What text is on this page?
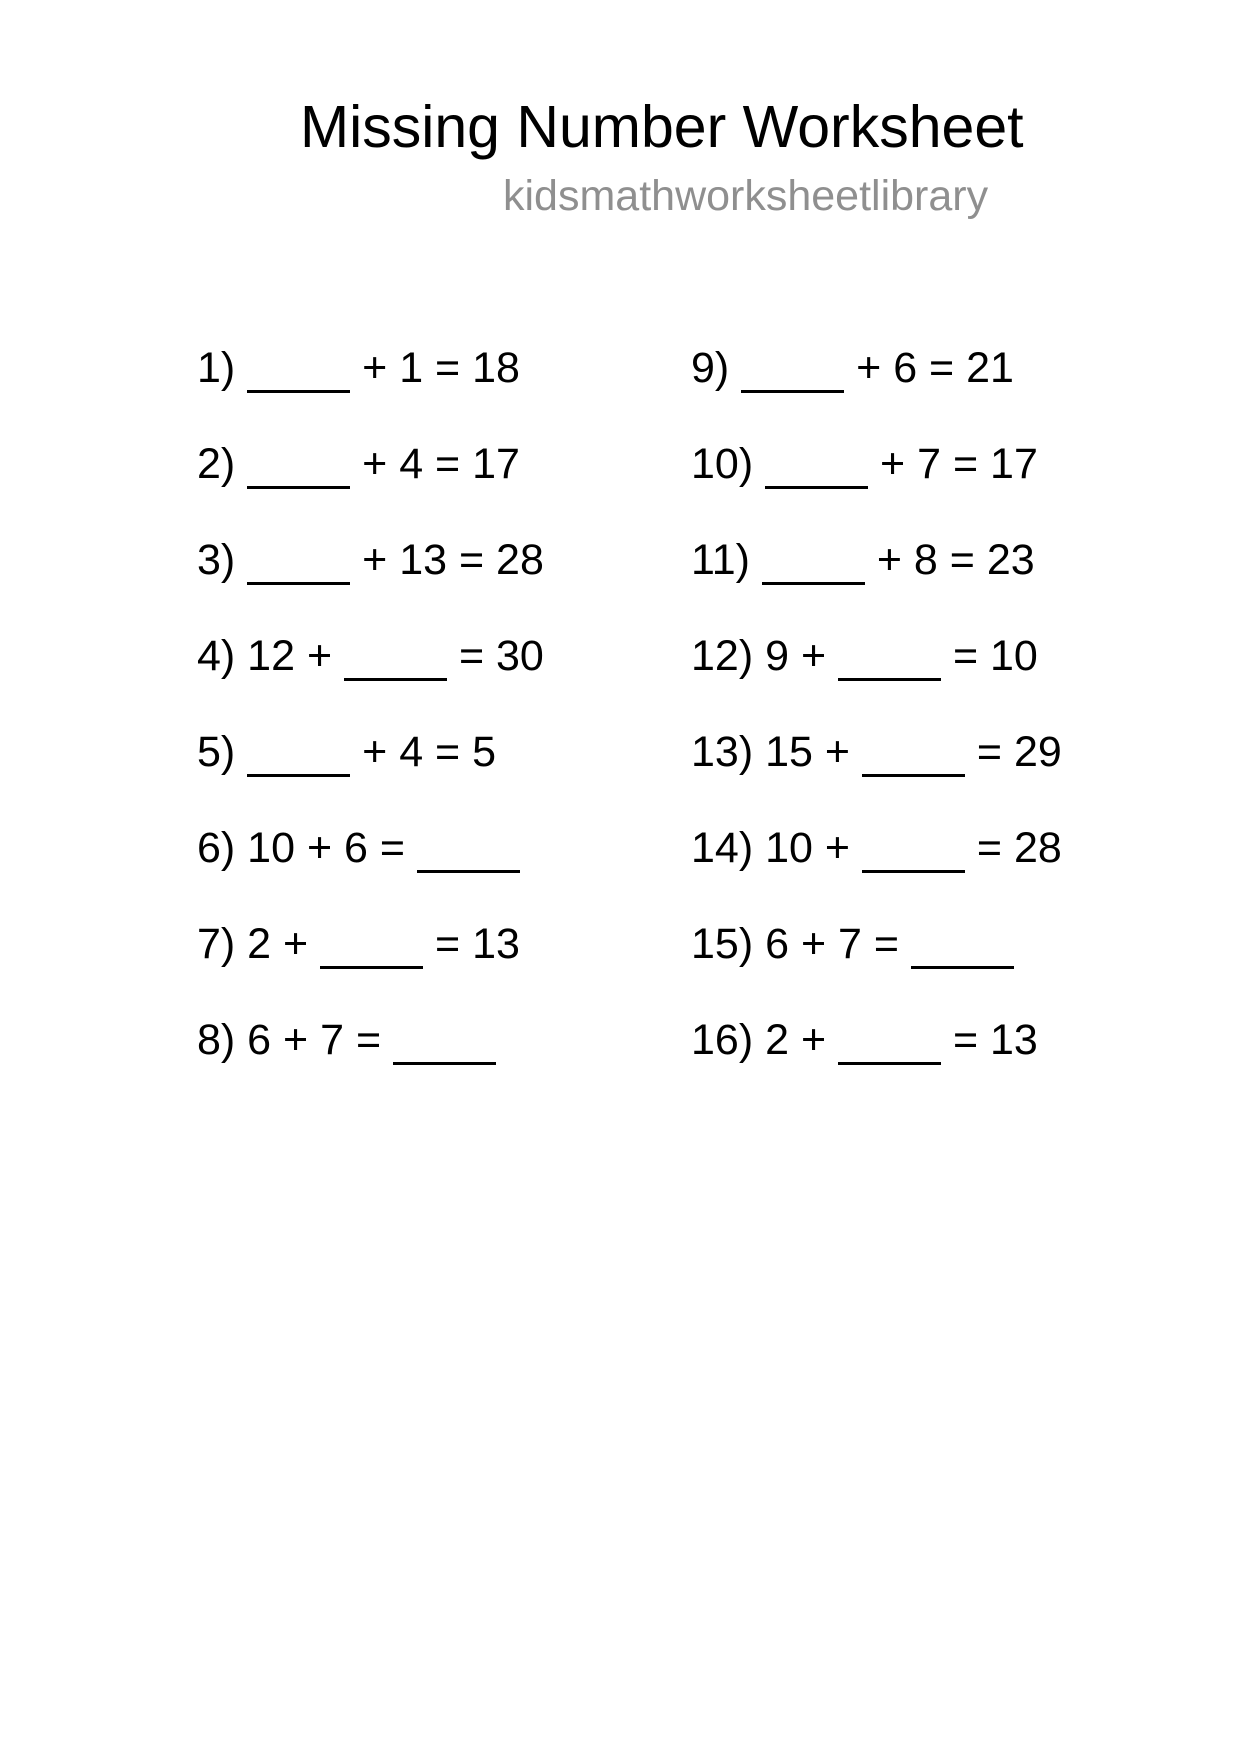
Missing Number Worksheet
kidsmathworksheetlibrary
1)  + 1 = 18
2)  + 4 = 17
3)  + 13 = 28
4) 12 +  = 30
5)  + 4 = 5
6) 10 + 6 =
7) 2 +  = 13
8) 6 + 7 =
9)  + 6 = 21
10)  + 7 = 17
11)  + 8 = 23
12) 9 +  = 10
13) 15 +  = 29
14) 10 +  = 28
15) 6 + 7 =
16) 2 +  = 13
